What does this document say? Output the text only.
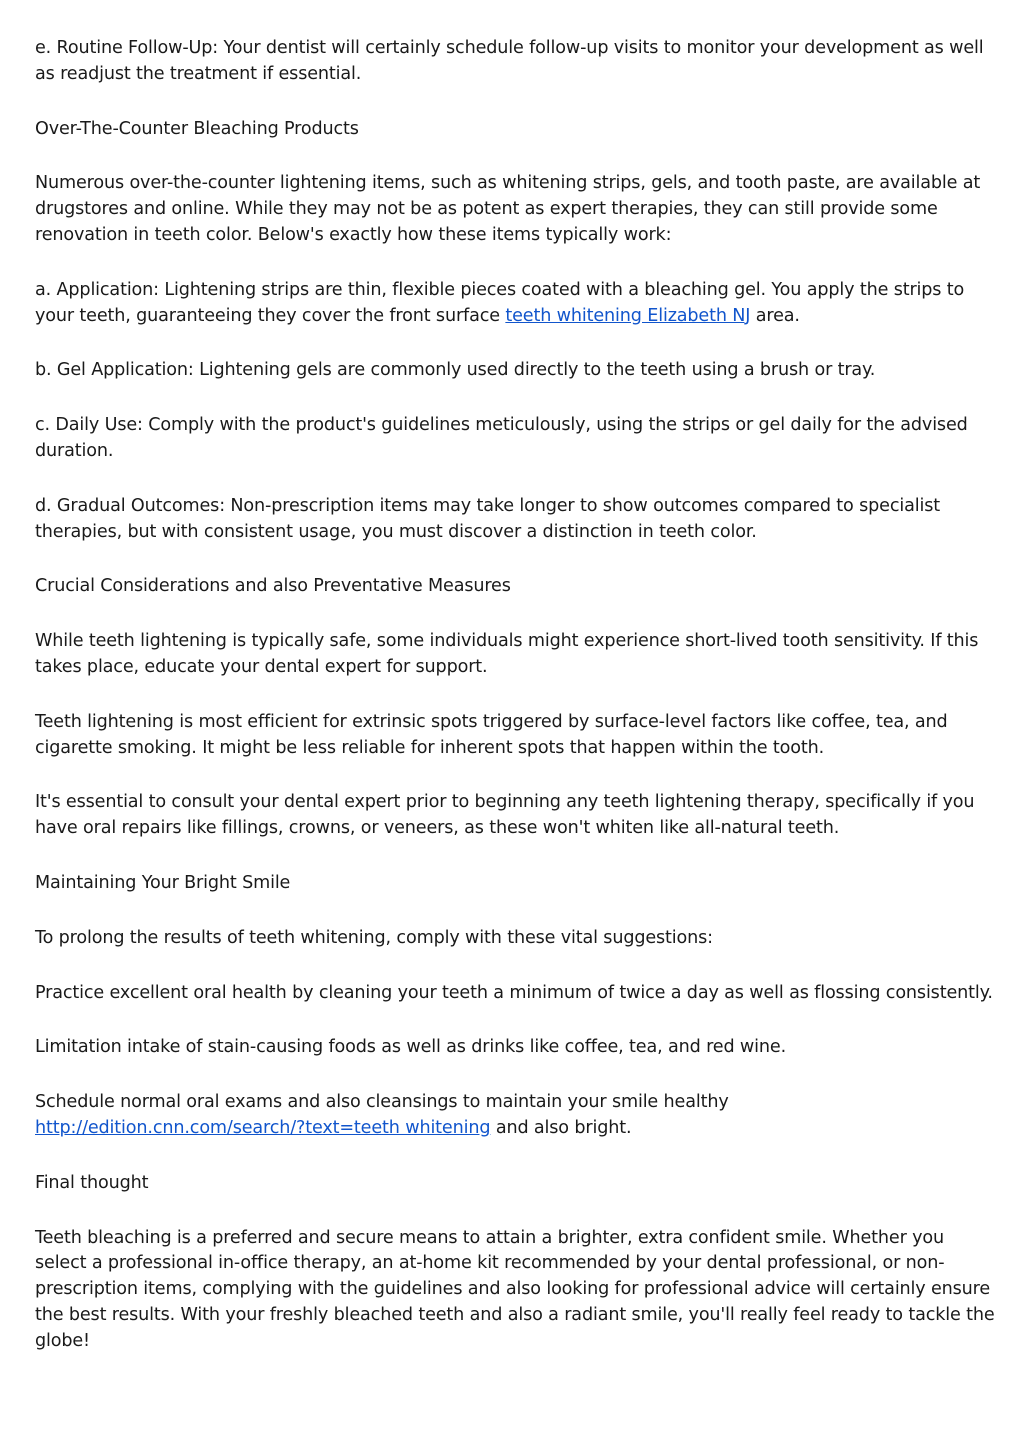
e. Routine Follow-Up: Your dentist will certainly schedule follow-up visits to monitor your development as well as readjust the treatment if essential.

Over-The-Counter Bleaching Products

Numerous over-the-counter lightening items, such as whitening strips, gels, and tooth paste, are available at drugstores and online. While they may not be as potent as expert therapies, they can still provide some renovation in teeth color. Below's exactly how these items typically work:

a. Application: Lightening strips are thin, flexible pieces coated with a bleaching gel. You apply the strips to your teeth, guaranteeing they cover the front surface teeth whitening Elizabeth NJ area.

b. Gel Application: Lightening gels are commonly used directly to the teeth using a brush or tray.

c. Daily Use: Comply with the product's guidelines meticulously, using the strips or gel daily for the advised duration.

d. Gradual Outcomes: Non-prescription items may take longer to show outcomes compared to specialist therapies, but with consistent usage, you must discover a distinction in teeth color.

Crucial Considerations and also Preventative Measures

While teeth lightening is typically safe, some individuals might experience short-lived tooth sensitivity. If this takes place, educate your dental expert for support.

Teeth lightening is most efficient for extrinsic spots triggered by surface-level factors like coffee, tea, and cigarette smoking. It might be less reliable for inherent spots that happen within the tooth.

It's essential to consult your dental expert prior to beginning any teeth lightening therapy, specifically if you have oral repairs like fillings, crowns, or veneers, as these won't whiten like all-natural teeth.

Maintaining Your Bright Smile

To prolong the results of teeth whitening, comply with these vital suggestions:

Practice excellent oral health by cleaning your teeth a minimum of twice a day as well as flossing consistently.

Limitation intake of stain-causing foods as well as drinks like coffee, tea, and red wine.

Schedule normal oral exams and also cleansings to maintain your smile healthy http://edition.cnn.com/search/?text=teeth whitening and also bright.

Final thought

Teeth bleaching is a preferred and secure means to attain a brighter, extra confident smile. Whether you select a professional in-office therapy, an at-home kit recommended by your dental professional, or non-prescription items, complying with the guidelines and also looking for professional advice will certainly ensure the best results. With your freshly bleached teeth and also a radiant smile, you'll really feel ready to tackle the globe!
